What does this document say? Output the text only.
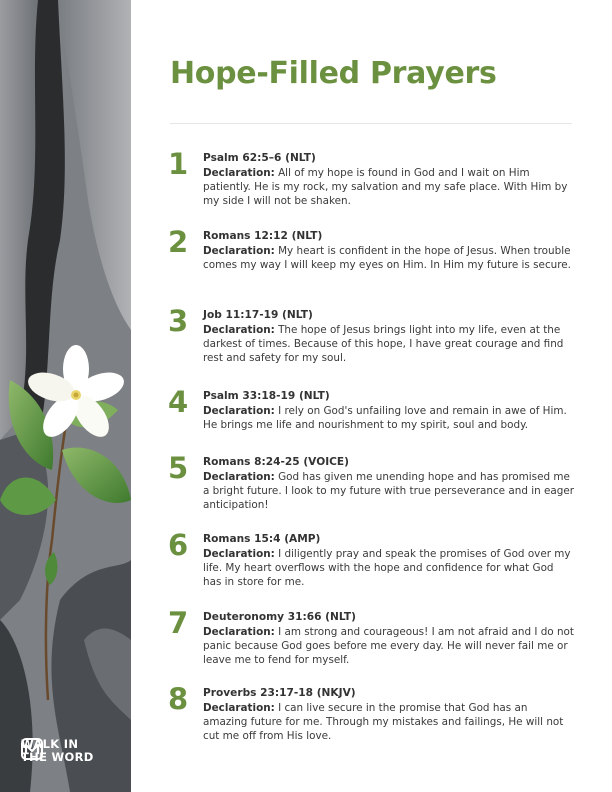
WALK IN
THE WORD
Hope-Filled Prayers
1	Psalm 62:5–6 (NLT)
Declaration: All of my hope is found in God and I wait on Him patiently. He is my rock, my salvation and my safe place. With Him by my side I will not be shaken.
2	Romans 12:12 (NLT)
Declaration: My heart is confident in the hope of Jesus. When trouble comes my way I will keep my eyes on Him. In Him my future is secure.
3	Job 11:17-19 (NLT)
Declaration: The hope of Jesus brings light into my life, even at the darkest of times. Because of this hope, I have great courage and find rest and safety for my soul.
4	Psalm 33:18-19 (NLT)
Declaration: I rely on God's unfailing love and remain in awe of Him. He brings me life and nourishment to my spirit, soul and body.
5	Romans 8:24-25 (VOICE)
Declaration: God has given me unending hope and has promised me a bright future. I look to my future with true perseverance and in eager anticipation!
6	Romans 15:4 (AMP)
Declaration: I diligently pray and speak the promises of God over my life. My heart overflows with the hope and confidence for what God has in store for me.
7	Deuteronomy 31:66 (NLT)
Declaration: I am strong and courageous! I am not afraid and I do not panic because God goes before me every day. He will never fail me or leave me to fend for myself.
8	Proverbs 23:17-18 (NKJV)
Declaration: I can live secure in the promise that God has an amazing future for me. Through my mistakes and failings, He will not cut me off from His love.
